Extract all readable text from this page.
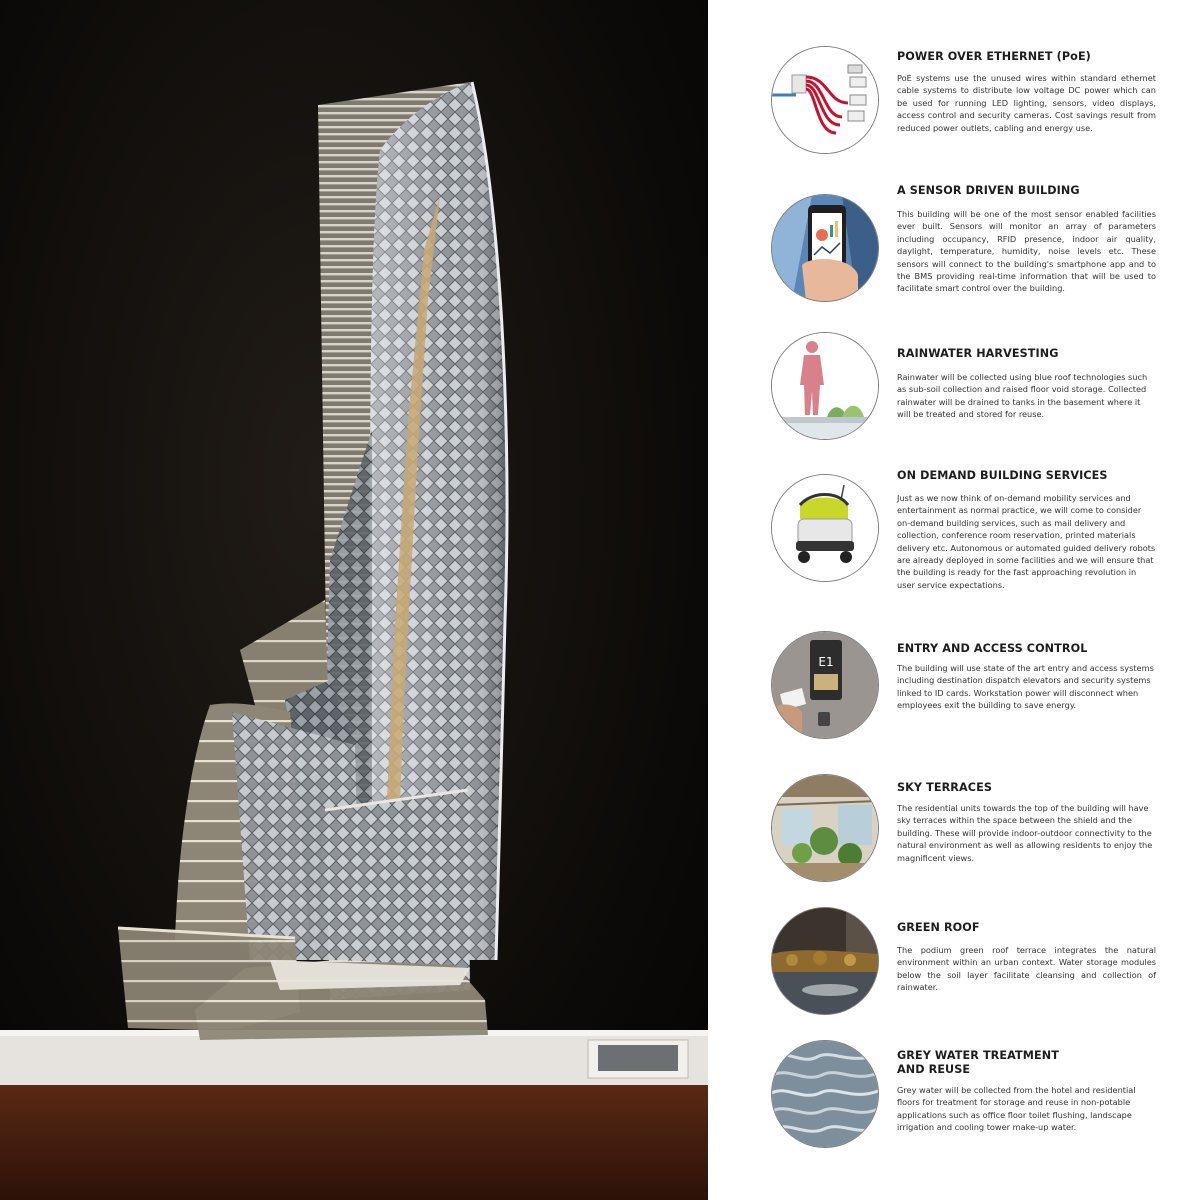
POWER OVER ETHERNET (PoE)

PoE systems use the unused wires within standard ethernet cable systems to distribute low voltage DC power which can be used for running LED lighting, sensors, video displays, access control and security cameras. Cost savings result from reduced power outlets, cabling and energy use.

A SENSOR DRIVEN BUILDING

This building will be one of the most sensor enabled facilities ever built. Sensors will monitor an array of parameters including occupancy, RFID presence, indoor air quality, daylight, temperature, humidity, noise levels etc. These sensors will connect to the building's smartphone app and to the BMS providing real-time information that will be used to facilitate smart control over the building.

RAINWATER HARVESTING

Rainwater will be collected using blue roof technologies such as sub-soil collection and raised floor void storage. Collected rainwater will be drained to tanks in the basement where it will be treated and stored for reuse.

ON DEMAND BUILDING SERVICES

Just as we now think of on-demand mobility services and entertainment as normal practice, we will come to consider on-demand building services, such as mail delivery and collection, conference room reservation, printed materials delivery etc. Autonomous or automated guided delivery robots are already deployed in some facilities and we will ensure that the building is ready for the fast approaching revolution in user service expectations.

E1
ENTRY AND ACCESS CONTROL

The building will use state of the art entry and access systems including destination dispatch elevators and security systems linked to ID cards. Workstation power will disconnect when employees exit the building to save energy.

SKY TERRACES

The residential units towards the top of the building will have sky terraces within the space between the shield and the building. These will provide indoor-outdoor connectivity to the natural environment as well as allowing residents to enjoy the magnificent views.

GREEN ROOF

The podium green roof terrace integrates the natural environment within an urban context. Water storage modules below the soil layer facilitate cleansing and collection of rainwater.

GREY WATER TREATMENT
AND REUSE

Grey water will be collected from the hotel and residential floors for treatment for storage and reuse in non-potable applications such as office floor toilet flushing, landscape irrigation and cooling tower make-up water.
